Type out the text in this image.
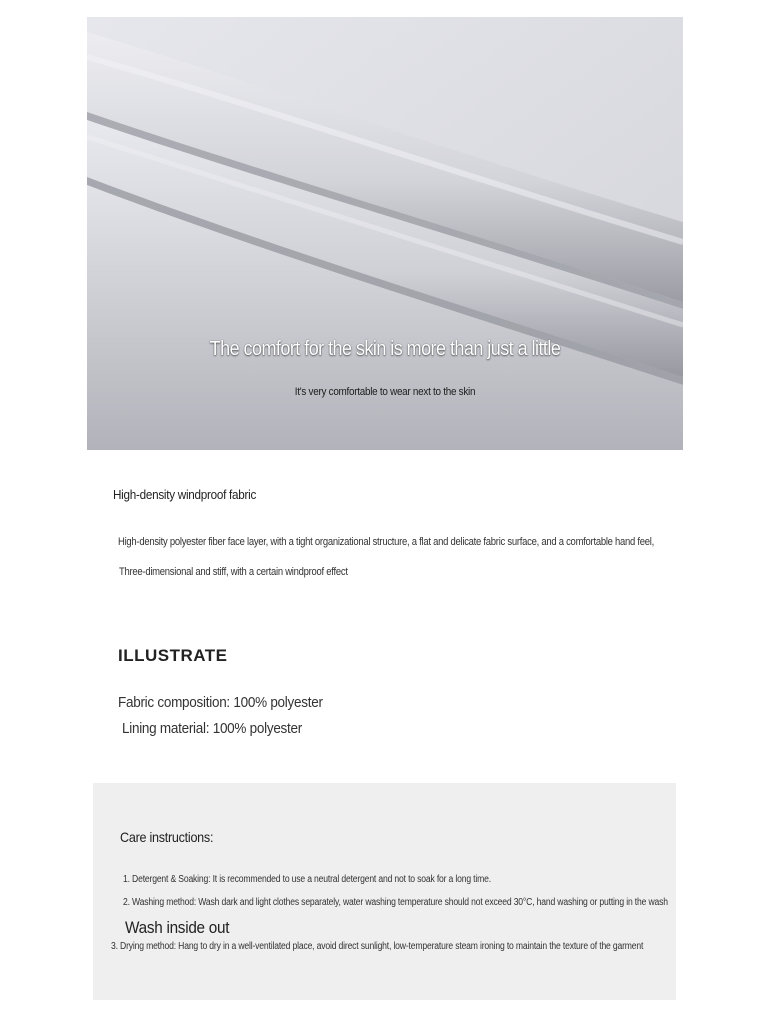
The comfort for the skin is more than just a little
It's very comfortable to wear next to the skin
High-density windproof fabric
High-density polyester fiber face layer, with a tight organizational structure, a flat and delicate fabric surface, and a comfortable hand feel,
Three-dimensional and stiff, with a certain windproof effect
ILLUSTRATE
Fabric composition: 100% polyester
Lining material: 100% polyester
Care instructions:
1. Detergent & Soaking: It is recommended to use a neutral detergent and not to soak for a long time.
2. Washing method: Wash dark and light clothes separately, water washing temperature should not exceed 30°C, hand washing or putting in the wash
Wash inside out
3. Drying method: Hang to dry in a well-ventilated place, avoid direct sunlight, low-temperature steam ironing to maintain the texture of the garment
